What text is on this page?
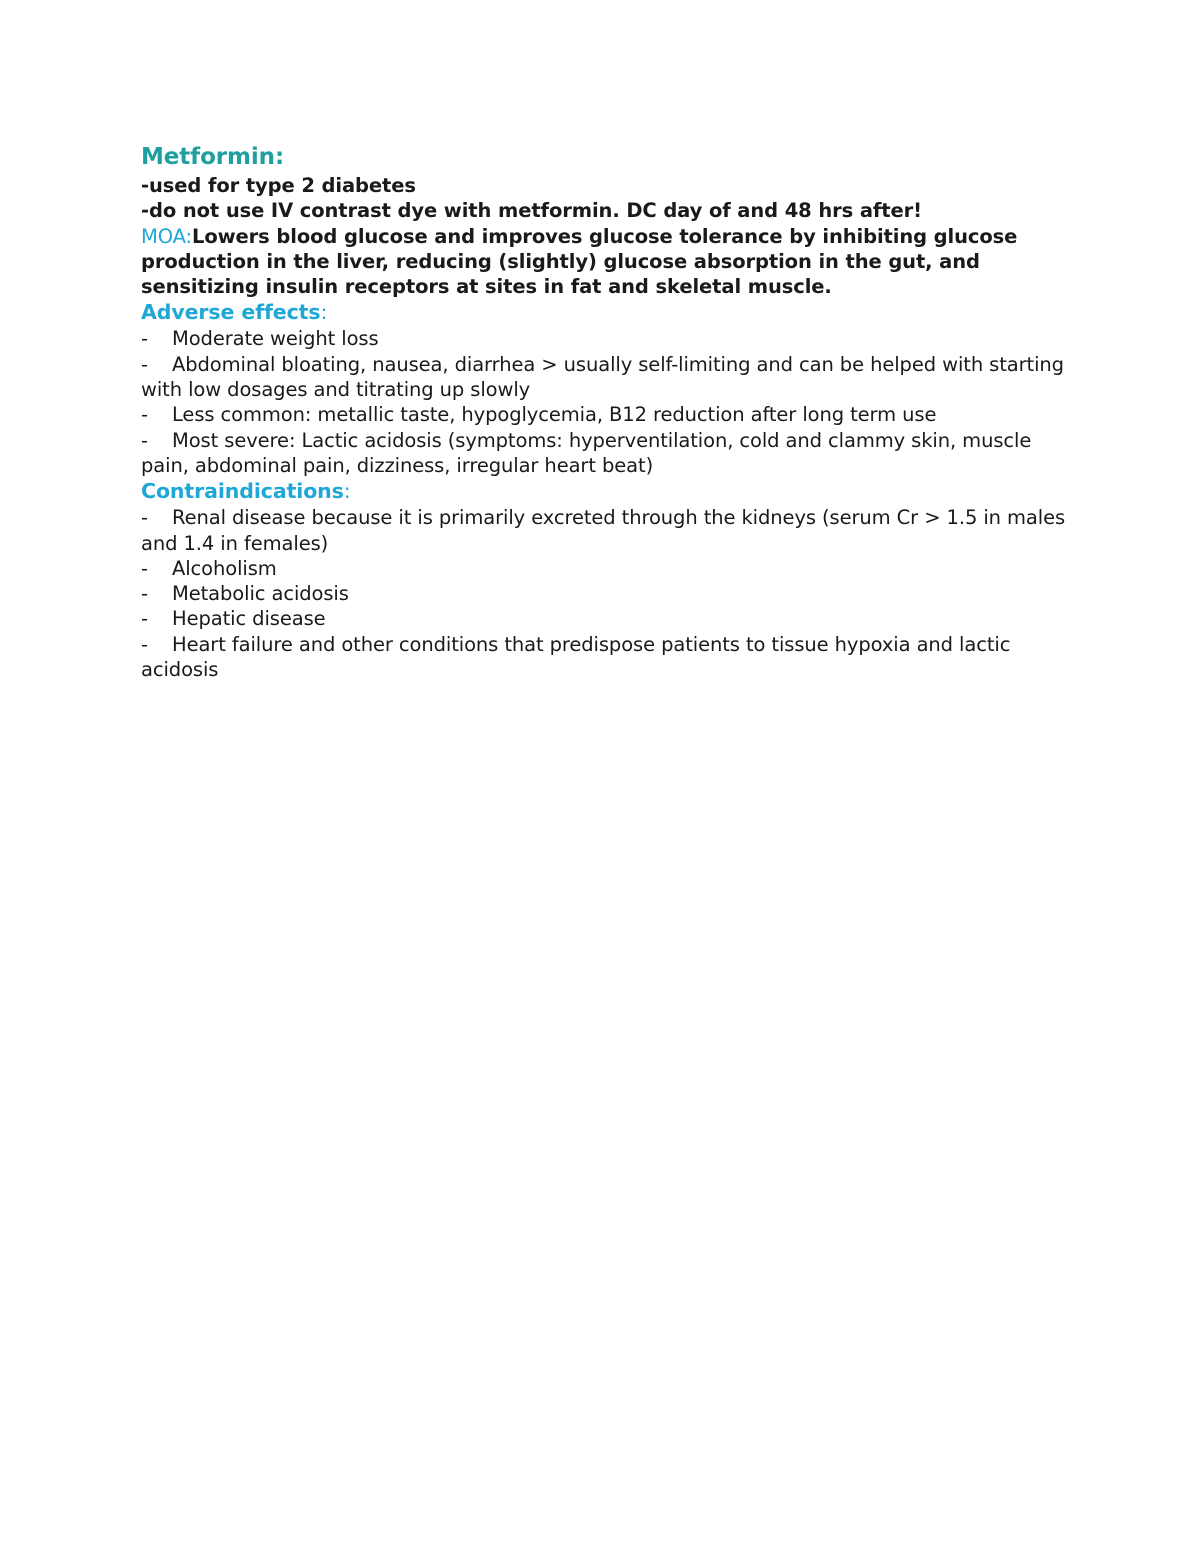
Metformin:

-used for type 2 diabetes

-do not use IV contrast dye with metformin. DC day of and 48 hrs after!

MOA:Lowers blood glucose and improves glucose tolerance by inhibiting glucose production in the liver, reducing (slightly) glucose absorption in the gut, and sensitizing insulin receptors at sites in fat and skeletal muscle.

Adverse effects:
- Moderate weight loss
- Abdominal bloating, nausea, diarrhea > usually self-limiting and can be helped with starting with low dosages and titrating up slowly
- Less common: metallic taste, hypoglycemia, B12 reduction after long term use
- Most severe: Lactic acidosis (symptoms: hyperventilation, cold and clammy skin, muscle pain, abdominal pain, dizziness, irregular heart beat)
Contraindications:
- Renal disease because it is primarily excreted through the kidneys (serum Cr > 1.5 in males and 1.4 in females)
- Alcoholism
- Metabolic acidosis
- Hepatic disease
- Heart failure and other conditions that predispose patients to tissue hypoxia and lactic acidosis
